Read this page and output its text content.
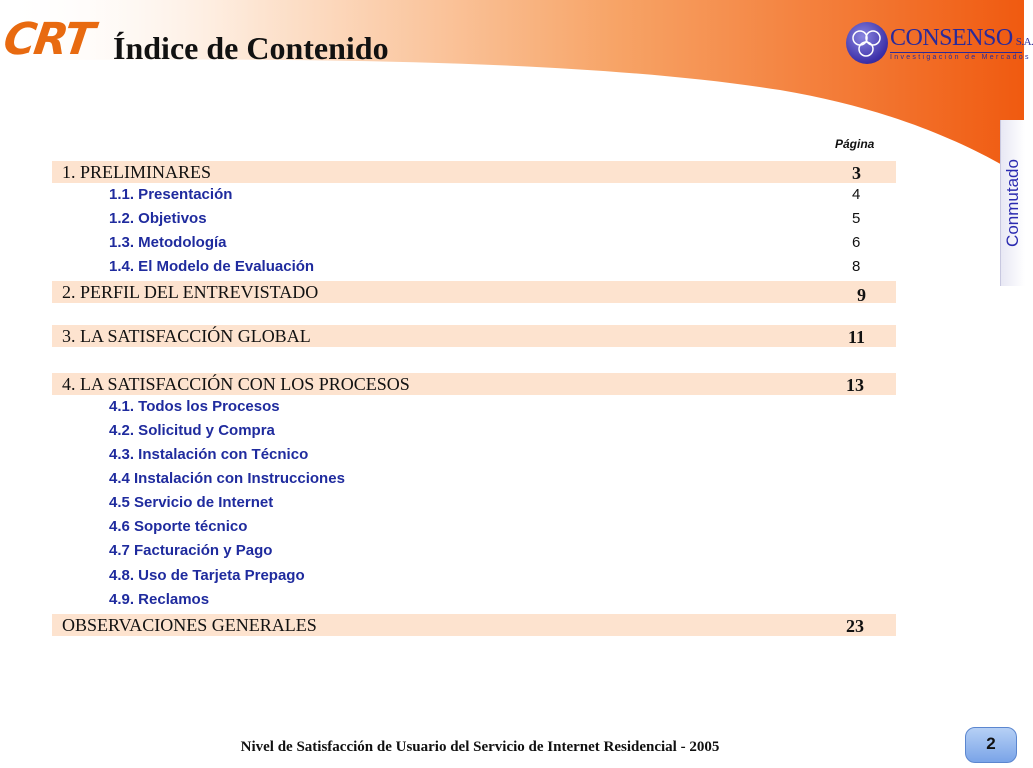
CRT Índice de Contenido	CONSENSO S.A.
Investigación de Mercados
Conmutado
Página
1. PRELIMINARES	3
1.1. Presentación	4
1.2. Objetivos	5
1.3. Metodología	6
1.4. El Modelo de Evaluación	8
2. PERFIL DEL ENTREVISTADO	9
3. LA SATISFACCIÓN GLOBAL	11
4. LA SATISFACCIÓN CON LOS PROCESOS	13
4.1. Todos los Procesos
4.2. Solicitud y Compra
4.3. Instalación con Técnico
4.4 Instalación con Instrucciones
4.5 Servicio de Internet
4.6 Soporte técnico
4.7 Facturación y Pago
4.8. Uso de Tarjeta Prepago
4.9. Reclamos
OBSERVACIONES GENERALES	23
Nivel de Satisfacción de Usuario del Servicio de Internet Residencial - 2005	2
